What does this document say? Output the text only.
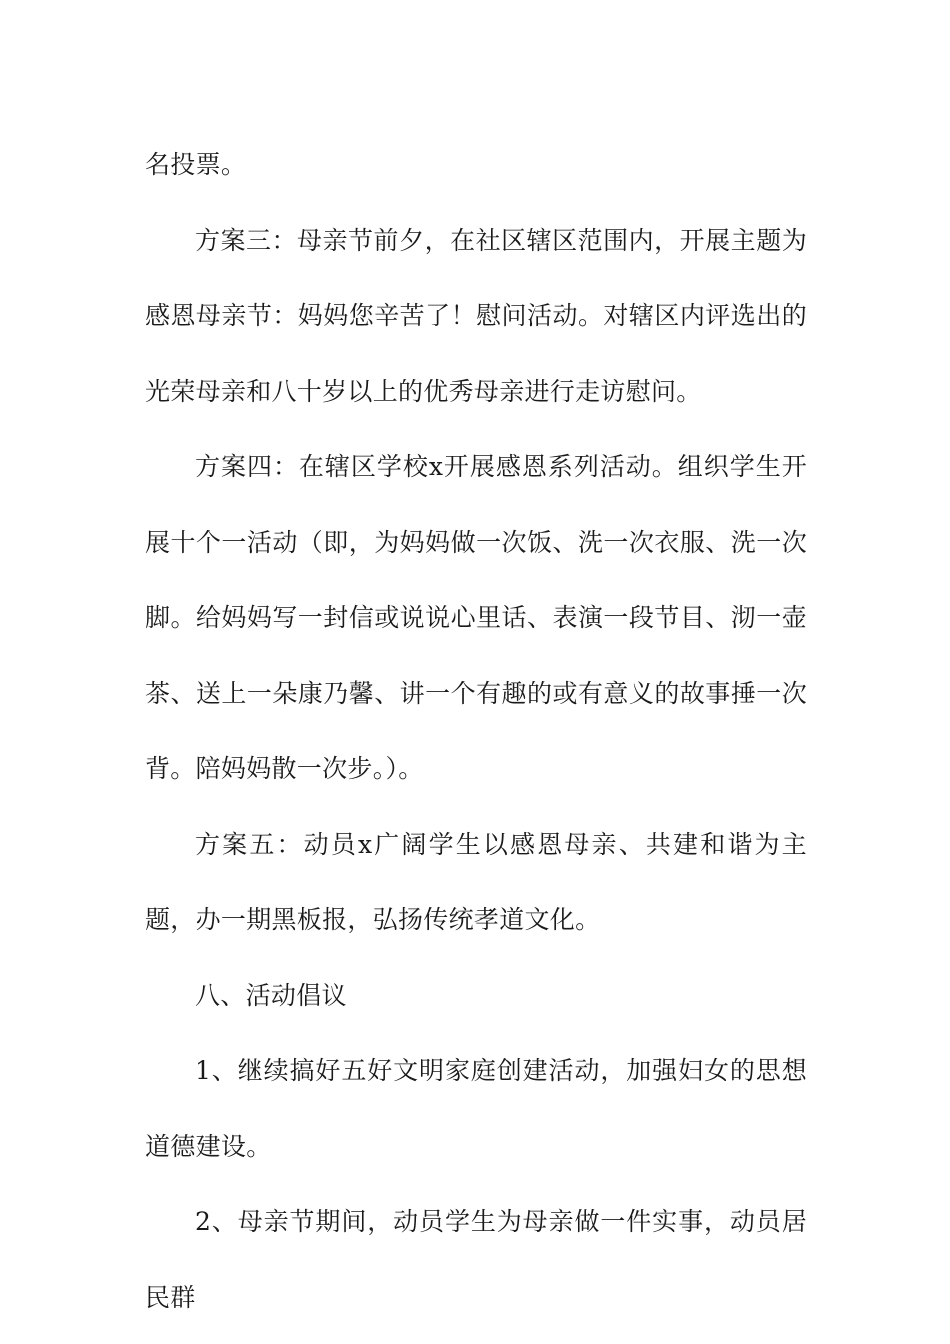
名投票。

方案三：母亲节前夕，在社区辖区范围内，开展主题为感恩母亲节：妈妈您辛苦了！慰问活动。对辖区内评选出的光荣母亲和八十岁以上的优秀母亲进行走访慰问。

方案四：在辖区学校x开展感恩系列活动。组织学生开展十个一活动（即，为妈妈做一次饭、洗一次衣服、洗一次脚。给妈妈写一封信或说说心里话、表演一段节目、沏一壶茶、送上一朵康乃馨、讲一个有趣的或有意义的故事捶一次背。陪妈妈散一次步。）。

方案五：动员x广阔学生以感恩母亲、共建和谐为主题，办一期黑板报，弘扬传统孝道文化。

八、活动倡议

1、继续搞好五好文明家庭创建活动，加强妇女的思想道德建设。

2、母亲节期间，动员学生为母亲做一件实事，动员居民群
